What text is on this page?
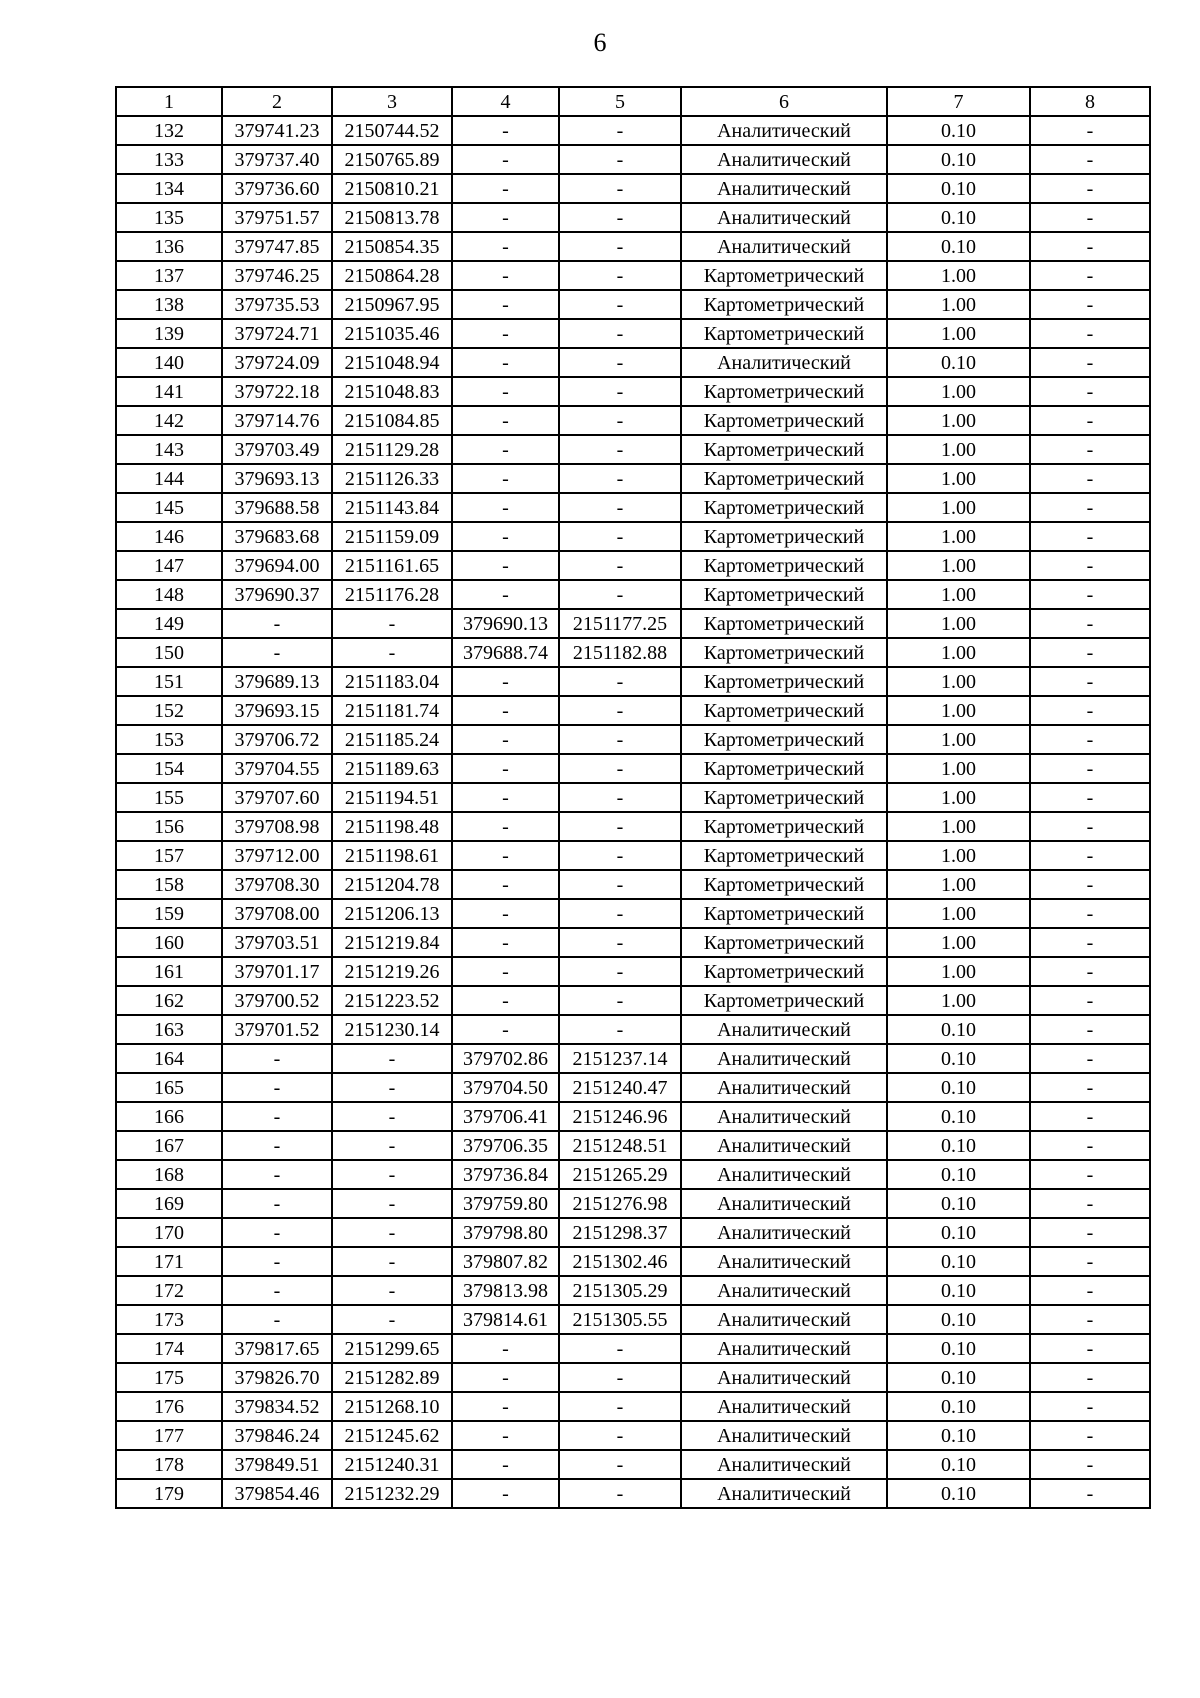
6
1	2	3	4	5	6	7	8
132	379741.23	2150744.52	-	-	Аналитический	0.10	-
133	379737.40	2150765.89	-	-	Аналитический	0.10	-
134	379736.60	2150810.21	-	-	Аналитический	0.10	-
135	379751.57	2150813.78	-	-	Аналитический	0.10	-
136	379747.85	2150854.35	-	-	Аналитический	0.10	-
137	379746.25	2150864.28	-	-	Картометрический	1.00	-
138	379735.53	2150967.95	-	-	Картометрический	1.00	-
139	379724.71	2151035.46	-	-	Картометрический	1.00	-
140	379724.09	2151048.94	-	-	Аналитический	0.10	-
141	379722.18	2151048.83	-	-	Картометрический	1.00	-
142	379714.76	2151084.85	-	-	Картометрический	1.00	-
143	379703.49	2151129.28	-	-	Картометрический	1.00	-
144	379693.13	2151126.33	-	-	Картометрический	1.00	-
145	379688.58	2151143.84	-	-	Картометрический	1.00	-
146	379683.68	2151159.09	-	-	Картометрический	1.00	-
147	379694.00	2151161.65	-	-	Картометрический	1.00	-
148	379690.37	2151176.28	-	-	Картометрический	1.00	-
149	-	-	379690.13	2151177.25	Картометрический	1.00	-
150	-	-	379688.74	2151182.88	Картометрический	1.00	-
151	379689.13	2151183.04	-	-	Картометрический	1.00	-
152	379693.15	2151181.74	-	-	Картометрический	1.00	-
153	379706.72	2151185.24	-	-	Картометрический	1.00	-
154	379704.55	2151189.63	-	-	Картометрический	1.00	-
155	379707.60	2151194.51	-	-	Картометрический	1.00	-
156	379708.98	2151198.48	-	-	Картометрический	1.00	-
157	379712.00	2151198.61	-	-	Картометрический	1.00	-
158	379708.30	2151204.78	-	-	Картометрический	1.00	-
159	379708.00	2151206.13	-	-	Картометрический	1.00	-
160	379703.51	2151219.84	-	-	Картометрический	1.00	-
161	379701.17	2151219.26	-	-	Картометрический	1.00	-
162	379700.52	2151223.52	-	-	Картометрический	1.00	-
163	379701.52	2151230.14	-	-	Аналитический	0.10	-
164	-	-	379702.86	2151237.14	Аналитический	0.10	-
165	-	-	379704.50	2151240.47	Аналитический	0.10	-
166	-	-	379706.41	2151246.96	Аналитический	0.10	-
167	-	-	379706.35	2151248.51	Аналитический	0.10	-
168	-	-	379736.84	2151265.29	Аналитический	0.10	-
169	-	-	379759.80	2151276.98	Аналитический	0.10	-
170	-	-	379798.80	2151298.37	Аналитический	0.10	-
171	-	-	379807.82	2151302.46	Аналитический	0.10	-
172	-	-	379813.98	2151305.29	Аналитический	0.10	-
173	-	-	379814.61	2151305.55	Аналитический	0.10	-
174	379817.65	2151299.65	-	-	Аналитический	0.10	-
175	379826.70	2151282.89	-	-	Аналитический	0.10	-
176	379834.52	2151268.10	-	-	Аналитический	0.10	-
177	379846.24	2151245.62	-	-	Аналитический	0.10	-
178	379849.51	2151240.31	-	-	Аналитический	0.10	-
179	379854.46	2151232.29	-	-	Аналитический	0.10	-
